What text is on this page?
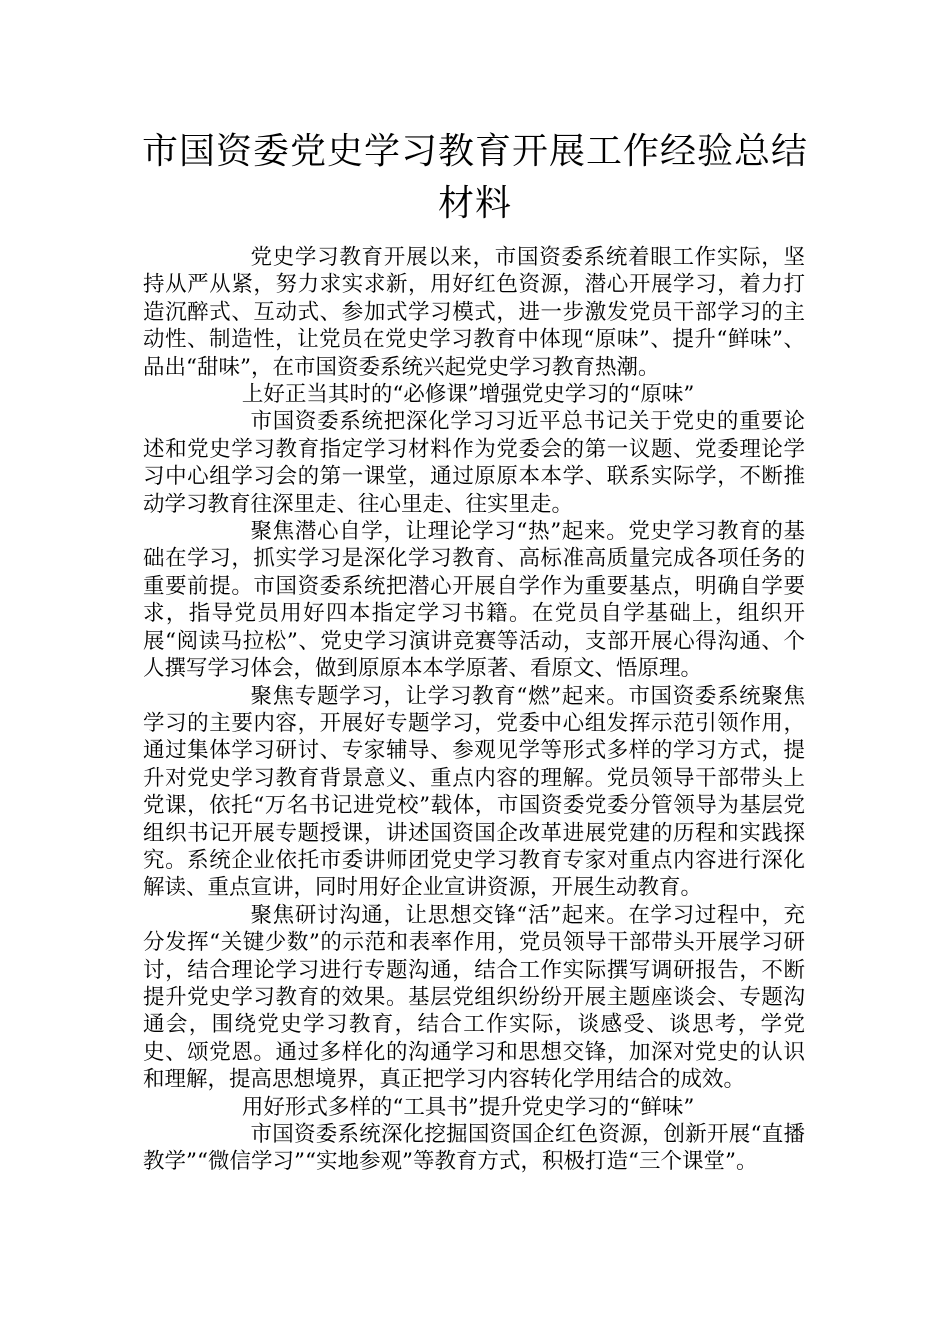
市国资委党史学习教育开展工作经验总结材料

党史学习教育开展以来，市国资委系统着眼工作实际，坚持从严从紧，努力求实求新，用好红色资源，潜心开展学习，着力打造沉醉式、互动式、参加式学习模式，进一步激发党员干部学习的主动性、制造性，让党员在党史学习教育中体现“原味”、提升“鲜味”、品出“甜味”，在市国资委系统兴起党史学习教育热潮。

上好正当其时的“必修课”增强党史学习的“原味”

市国资委系统把深化学习习近平总书记关于党史的重要论述和党史学习教育指定学习材料作为党委会的第一议题、党委理论学习中心组学习会的第一课堂，通过原原本本学、联系实际学，不断推动学习教育往深里走、往心里走、往实里走。

聚焦潜心自学，让理论学习“热”起来。党史学习教育的基础在学习，抓实学习是深化学习教育、高标准高质量完成各项任务的重要前提。市国资委系统把潜心开展自学作为重要基点，明确自学要求，指导党员用好四本指定学习书籍。在党员自学基础上，组织开展“阅读马拉松”、党史学习演讲竞赛等活动，支部开展心得沟通、个人撰写学习体会，做到原原本本学原著、看原文、悟原理。

聚焦专题学习，让学习教育“燃”起来。市国资委系统聚焦学习的主要内容，开展好专题学习，党委中心组发挥示范引领作用，通过集体学习研讨、专家辅导、参观见学等形式多样的学习方式，提升对党史学习教育背景意义、重点内容的理解。党员领导干部带头上党课，依托“万名书记进党校”载体，市国资委党委分管领导为基层党组织书记开展专题授课，讲述国资国企改革进展党建的历程和实践探究。系统企业依托市委讲师团党史学习教育专家对重点内容进行深化解读、重点宣讲，同时用好企业宣讲资源，开展生动教育。

聚焦研讨沟通，让思想交锋“活”起来。在学习过程中，充分发挥“关键少数”的示范和表率作用，党员领导干部带头开展学习研讨，结合理论学习进行专题沟通，结合工作实际撰写调研报告，不断提升党史学习教育的效果。基层党组织纷纷开展主题座谈会、专题沟通会，围绕党史学习教育，结合工作实际，谈感受、谈思考，学党史、颂党恩。通过多样化的沟通学习和思想交锋，加深对党史的认识和理解，提高思想境界，真正把学习内容转化学用结合的成效。

用好形式多样的“工具书”提升党史学习的“鲜味”

市国资委系统深化挖掘国资国企红色资源，创新开展“直播教学”“微信学习”“实地参观”等教育方式，积极打造“三个课堂”。
